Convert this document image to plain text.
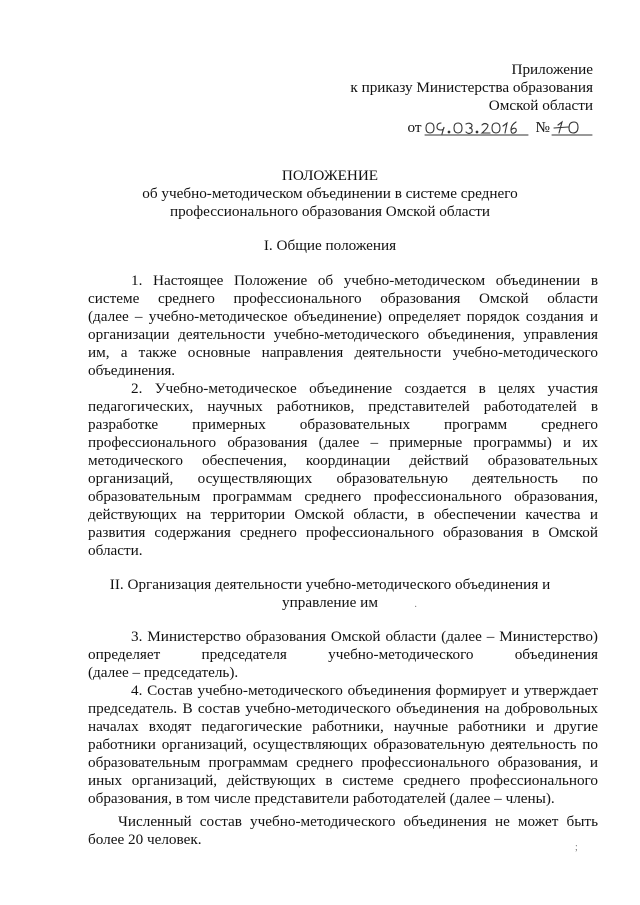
Приложение
к приказу Министерства образования
Омской области
от	№
ПОЛОЖЕНИЕ
об учебно-методическом объединении в системе среднего
профессионального образования Омской области
I. Общие положения
1. Настоящее Положение об учебно-методическом объединении в
системе среднего профессионального образования Омской области
(далее – учебно-методическое объединение) определяет порядок создания и
организации деятельности учебно-методического объединения, управления
им, а также основные направления деятельности учебно-методического
объединения.
2. Учебно-методическое объединение создается в целях участия
педагогических, научных работников, представителей работодателей в
разработке примерных образовательных программ среднего
профессионального образования (далее – примерные программы) и их
методического обеспечения, координации действий образовательных
организаций, осуществляющих образовательную деятельность по
образовательным программам среднего профессионального образования,
действующих на территории Омской области, в обеспечении качества и
развития содержания среднего профессионального образования в Омской
области.
II. Организация деятельности учебно-методического объединения и
управление им
3. Министерство образования Омской области (далее – Министерство)
определяет председателя учебно-методического объединения
(далее – председатель).
4. Состав учебно-методического объединения формирует и утверждает
председатель. В состав учебно-методического объединения на добровольных
началах входят педагогические работники, научные работники и другие
работники организаций, осуществляющих образовательную деятельность по
образовательным программам среднего профессионального образования, и
иных организаций, действующих в системе среднего профессионального
образования, в том числе представители работодателей (далее – члены).
Численный состав учебно-методического объединения не может быть
более 20 человек.
·
;
